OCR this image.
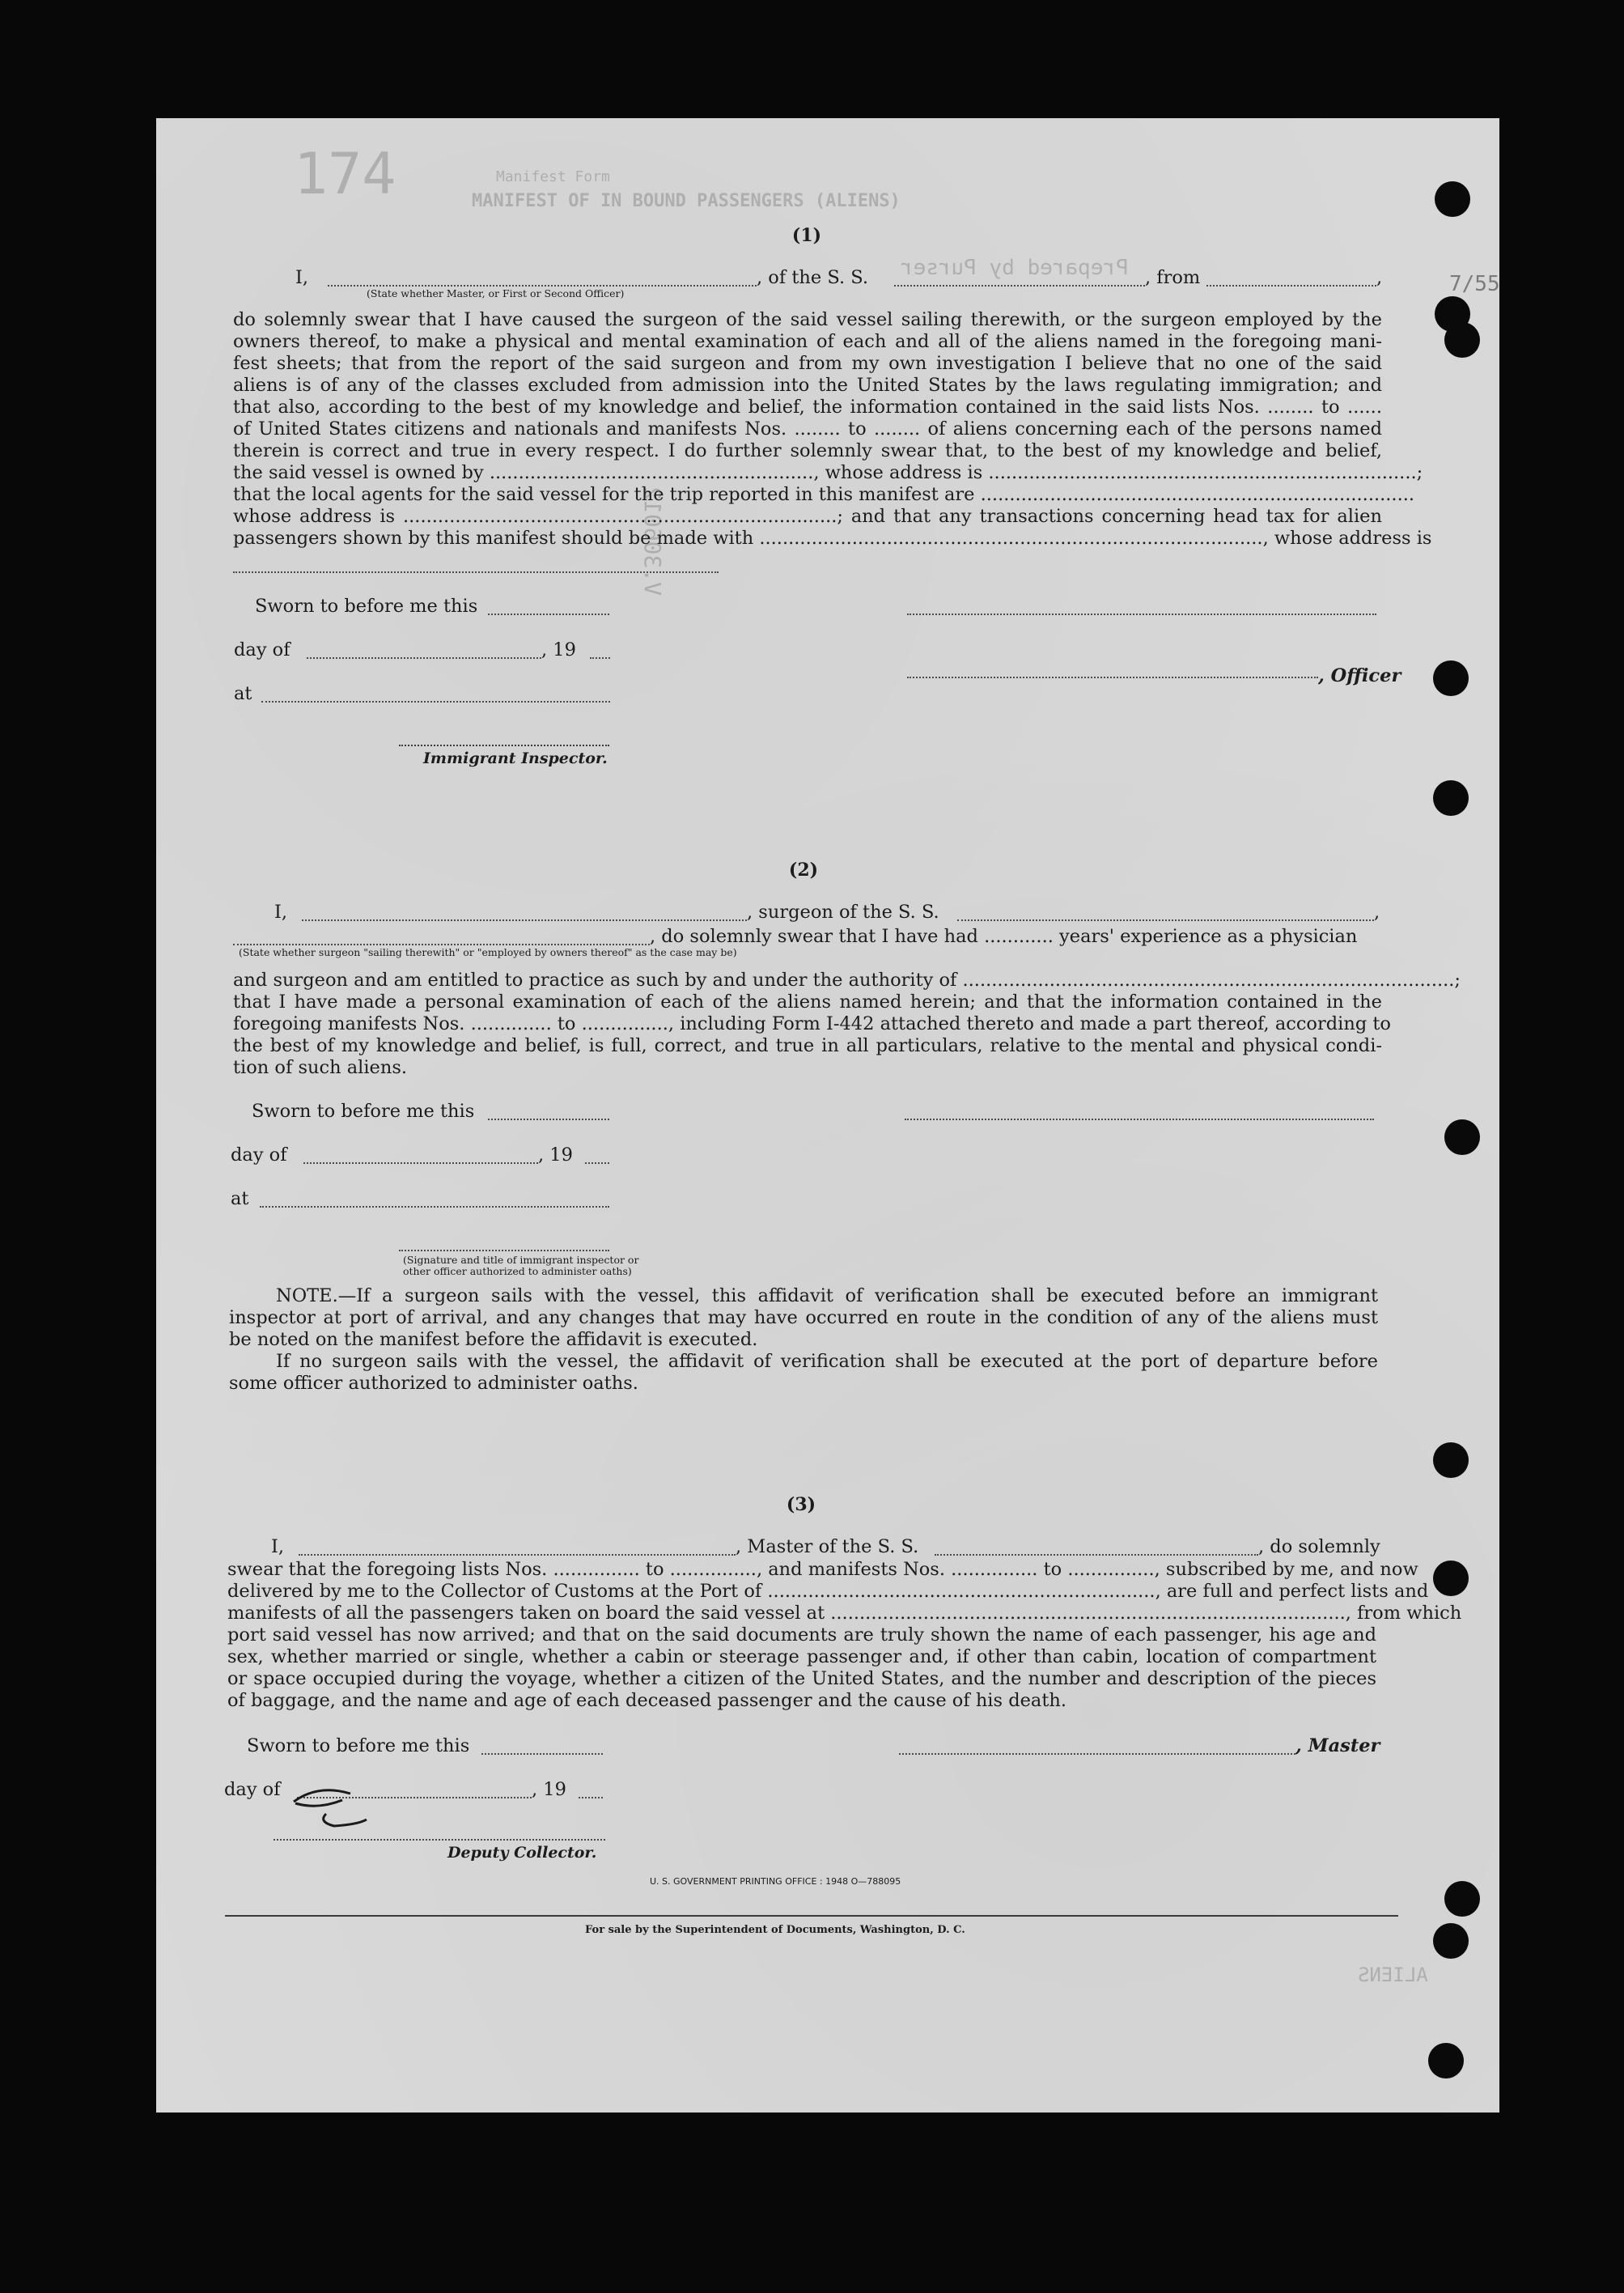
174	Manifest Form
MANIFEST OF IN BOUND PASSENGERS (ALIENS)
Prepared by Purser
V.306012
ALIENS
7/55
(1)
I,	, of the S. S.	, from	,
(State whether Master, or First or Second Officer)
do solemnly swear that I have caused the surgeon of the said vessel sailing therewith, or the surgeon employed by the
owners thereof, to make a physical and mental examination of each and all of the aliens named in the foregoing mani-
fest sheets; that from the report of the said surgeon and from my own investigation I believe that no one of the said
aliens is of any of the classes excluded from admission into the United States by the laws regulating immigration; and
that also, according to the best of my knowledge and belief, the information contained in the said lists Nos. ........ to ......
of United States citizens and nationals and manifests Nos. ........ to ........ of aliens concerning each of the persons named
therein is correct and true in every respect. I do further solemnly swear that, to the best of my knowledge and belief,
the said vessel is owned by ........................................................, whose address is ..........................................................................;
that the local agents for the said vessel for the trip reported in this manifest are ...........................................................................
whose address is ...........................................................................; and that any transactions concerning head tax for alien
passengers shown by this manifest should be made with ......................................................................................., whose address is
Sworn to before me this
day of	, 19
at
, Officer
Immigrant Inspector.
(2)
I,	, surgeon of the S. S.	,
, do solemnly swear that I have had ............ years' experience as a physician
(State whether surgeon "sailing therewith" or "employed by owners thereof" as the case may be)
and surgeon and am entitled to practice as such by and under the authority of .....................................................................................;
that I have made a personal examination of each of the aliens named herein; and that the information contained in the
foregoing manifests Nos. .............. to ..............., including Form I-442 attached thereto and made a part thereof, according to
the best of my knowledge and belief, is full, correct, and true in all particulars, relative to the mental and physical condi-
tion of such aliens.
Sworn to before me this
day of	, 19
at
(Signature and title of immigrant inspector or
other officer authorized to administer oaths)
NOTE.—If a surgeon sails with the vessel, this affidavit of verification shall be executed before an immigrant
inspector at port of arrival, and any changes that may have occurred en route in the condition of any of the aliens must
be noted on the manifest before the affidavit is executed.
If no surgeon sails with the vessel, the affidavit of verification shall be executed at the port of departure before
some officer authorized to administer oaths.
(3)
I,	, Master of the S. S.	, do solemnly
swear that the foregoing lists Nos. ............... to ..............., and manifests Nos. ............... to ..............., subscribed by me, and now
delivered by me to the Collector of Customs at the Port of ..................................................................., are full and perfect lists and
manifests of all the passengers taken on board the said vessel at ........................................................................................., from which
port said vessel has now arrived; and that on the said documents are truly shown the name of each passenger, his age and
sex, whether married or single, whether a cabin or steerage passenger and, if other than cabin, location of compartment
or space occupied during the voyage, whether a citizen of the United States, and the number and description of the pieces
of baggage, and the name and age of each deceased passenger and the cause of his death.
Sworn to before me this	, Master
day of	, 19
Deputy Collector.
U. S. GOVERNMENT PRINTING OFFICE : 1948 O—788095
For sale by the Superintendent of Documents, Washington, D. C.
